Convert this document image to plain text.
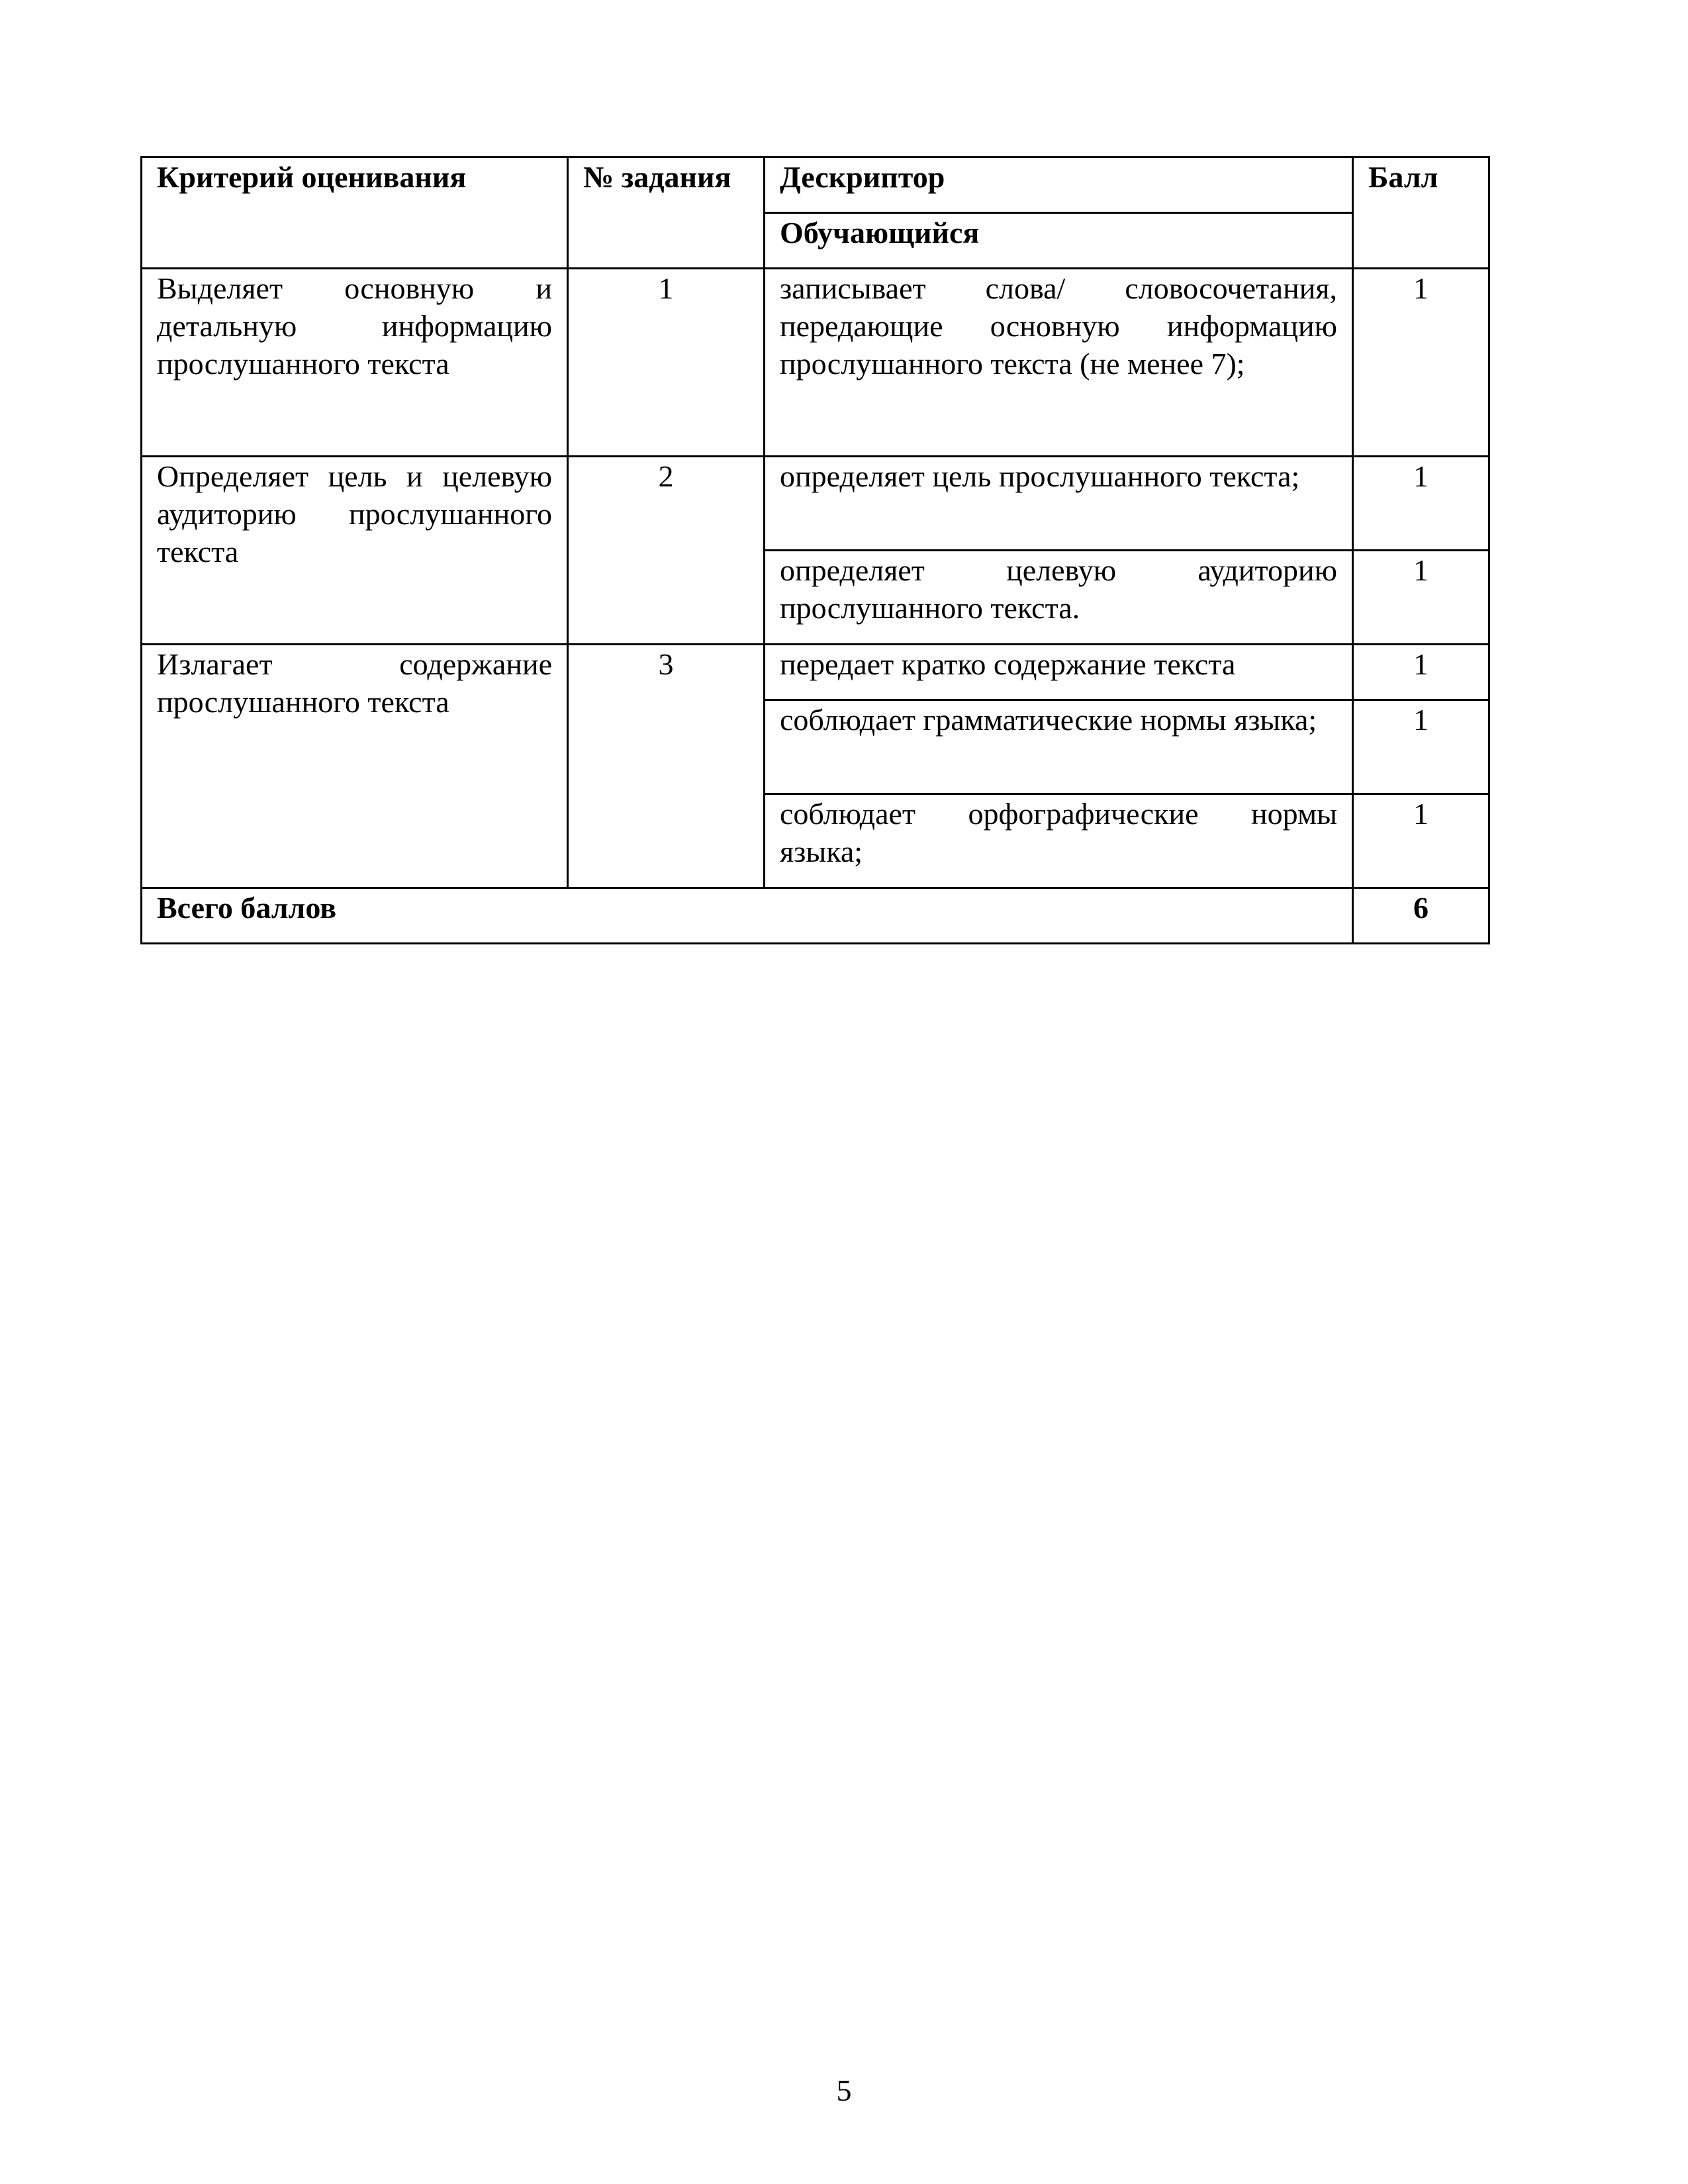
Критерий оценивания	№ задания	Дескриптор	Балл
		Обучающийся	
Выделяет основную и детальную информацию прослушанного текста	1	записывает слова/ словосочетания, передающие основную информацию прослушанного текста (не менее 7);	1
Определяет цель и целевую аудиторию прослушанного текста	2	определяет цель прослушанного текста;	1
		определяет целевую аудиторию прослушанного текста.	1
Излагает содержание прослушанного текста	3	передает кратко содержание текста	1
		соблюдает грамматические нормы языка;	1
		соблюдает орфографические нормы языка;	1
Всего баллов			6
5
